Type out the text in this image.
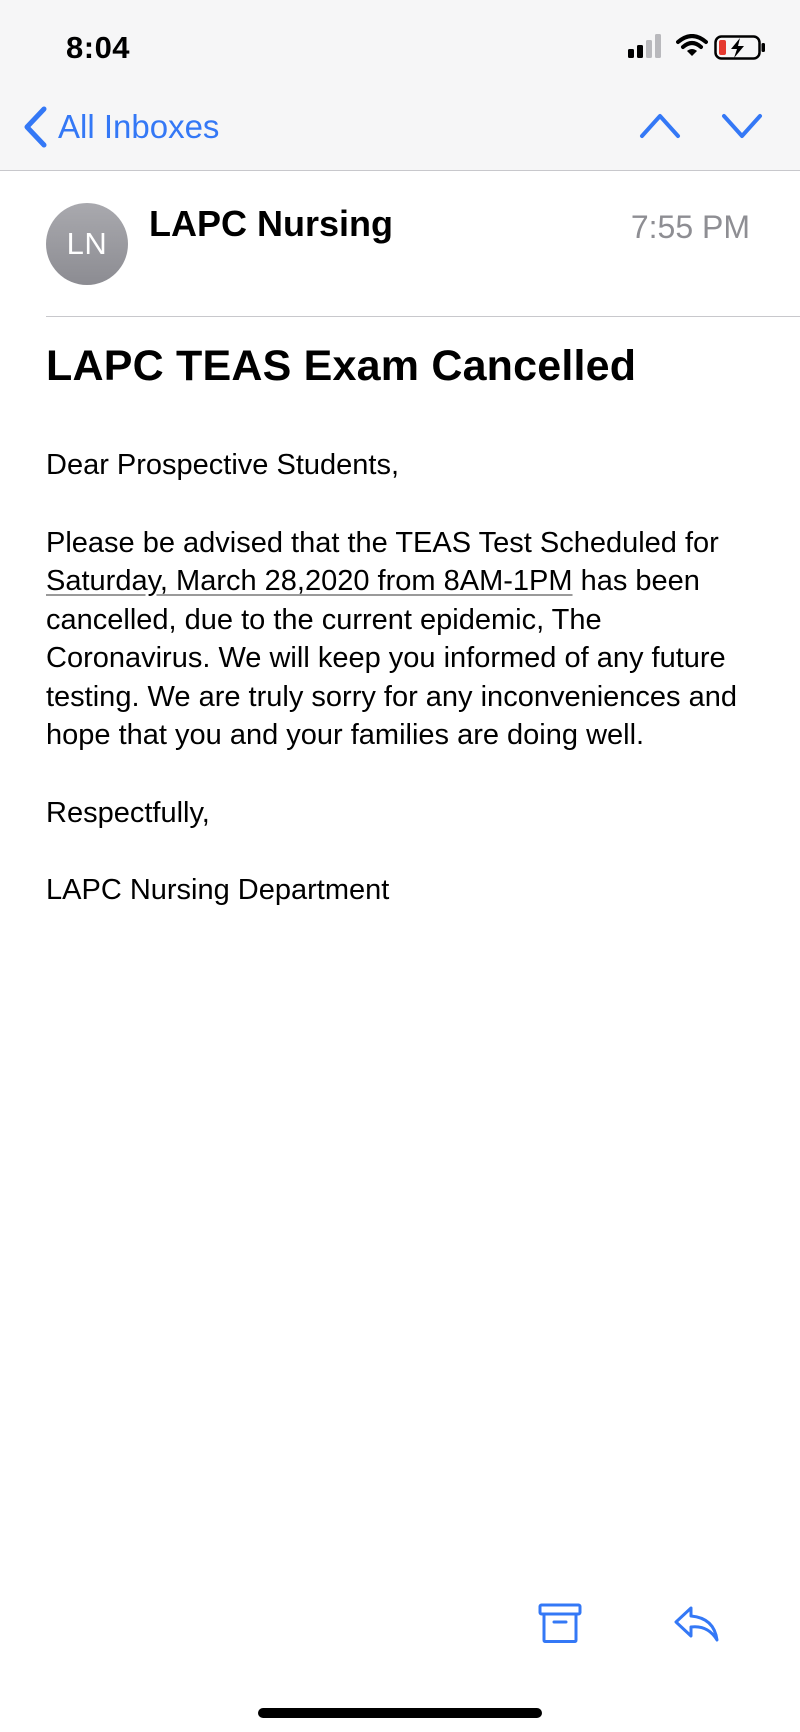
8:04
All Inboxes
LN	LAPC Nursing	7:55 PM
LAPC TEAS Exam Cancelled

Dear Prospective Students,

Please be advised that the TEAS Test Scheduled for Saturday, March 28,2020 from 8AM-1PM has been cancelled, due to the current epidemic, The Coronavirus. We will keep you informed of any future testing. We are truly sorry for any inconveniences and hope that you and your families are doing well.

Respectfully,

LAPC Nursing Department
